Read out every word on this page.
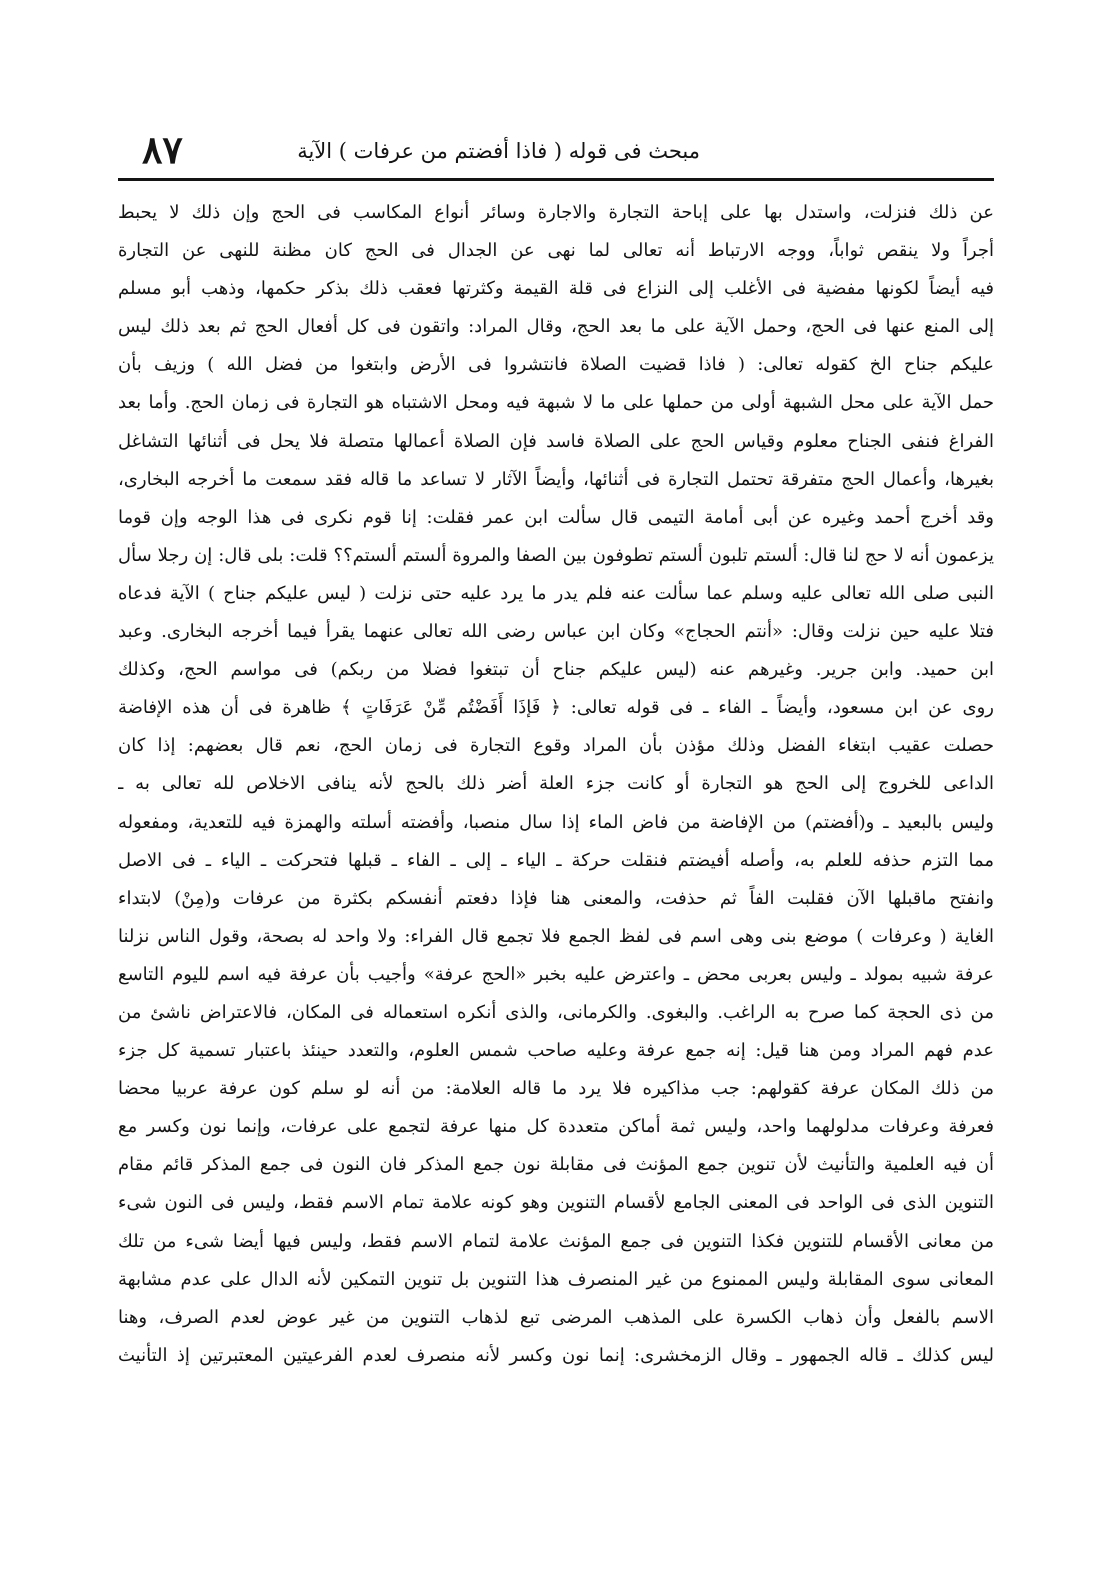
٨٧	مبحث فى قوله ( فاذا أفضتم من عرفات ) الآية
عن ذلك فنزلت، واستدل بها على إباحة التجارة والاجارة وسائر أنواع المكاسب فى الحج وإن ذلك لا يحبط
أجراً ولا ينقص ثواباً، ووجه الارتباط أنه تعالى لما نهى عن الجدال فى الحج كان مظنة للنهى عن التجارة
فيه أيضاً لكونها مفضية فى الأغلب إلى النزاع فى قلة القيمة وكثرتها فعقب ذلك بذكر حكمها، وذهب أبو مسلم
إلى المنع عنها فى الحج، وحمل الآية على ما بعد الحج، وقال المراد: واتقون فى كل أفعال الحج ثم بعد ذلك ليس
عليكم جناح الخ كقوله تعالى: ( فاذا قضيت الصلاة فانتشروا فى الأرض وابتغوا من فضل الله ) وزيف بأن
حمل الآية على محل الشبهة أولى من حملها على ما لا شبهة فيه ومحل الاشتباه هو التجارة فى زمان الحج. وأما بعد
الفراغ فنفى الجناح معلوم وقياس الحج على الصلاة فاسد فإن الصلاة أعمالها متصلة فلا يحل فى أثنائها التشاغل
بغيرها، وأعمال الحج متفرقة تحتمل التجارة فى أثنائها، وأيضاً الآثار لا تساعد ما قاله فقد سمعت ما أخرجه البخارى،
وقد أخرج أحمد وغيره عن أبى أمامة التيمى قال سألت ابن عمر فقلت: إنا قوم نكرى فى هذا الوجه وإن قوما
يزعمون أنه لا حج لنا قال: ألستم تلبون ألستم تطوفون بين الصفا والمروة ألستم ألستم؟؟ قلت: بلى قال: إن رجلا سأل
النبى صلى الله تعالى عليه وسلم عما سألت عنه فلم يدر ما يرد عليه حتى نزلت ( ليس عليكم جناح ) الآية فدعاه
فتلا عليه حين نزلت وقال: «أنتم الحجاج» وكان ابن عباس رضى الله تعالى عنهما يقرأ فيما أخرجه البخارى. وعبد
ابن حميد. وابن جرير. وغيرهم عنه (ليس عليكم جناح أن تبتغوا فضلا من ربكم) فى مواسم الحج، وكذلك
روى عن ابن مسعود، وأيضاً ـ الفاء ـ فى قوله تعالى: ﴿ فَإِذَا أَفَضْتُم مِّنْ عَرَفَاتٍ ﴾ ظاهرة فى أن هذه الإفاضة
حصلت عقيب ابتغاء الفضل وذلك مؤذن بأن المراد وقوع التجارة فى زمان الحج، نعم قال بعضهم: إذا كان
الداعى للخروج إلى الحج هو التجارة أو كانت جزء العلة أضر ذلك بالحج لأنه ينافى الاخلاص لله تعالى به ـ
وليس بالبعيد ـ و(أفضتم) من الإفاضة من فاض الماء إذا سال منصبا، وأفضته أسلته والهمزة فيه للتعدية، ومفعوله
مما التزم حذفه للعلم به، وأصله أفيضتم فنقلت حركة ـ الياء ـ إلى ـ الفاء ـ قبلها فتحركت ـ الياء ـ فى الاصل
وانفتح ماقبلها الآن فقلبت الفاً ثم حذفت، والمعنى هنا فإذا دفعتم أنفسكم بكثرة من عرفات و(مِنْ) لابتداء
الغاية ( وعرفات ) موضع بنى وهى اسم فى لفظ الجمع فلا تجمع قال الفراء: ولا واحد له بصحة، وقول الناس نزلنا
عرفة شبيه بمولد ـ وليس بعربى محض ـ واعترض عليه بخبر «الحج عرفة» وأجيب بأن عرفة فيه اسم لليوم التاسع
من ذى الحجة كما صرح به الراغب. والبغوى. والكرمانى، والذى أنكره استعماله فى المكان، فالاعتراض ناشئ من
عدم فهم المراد ومن هنا قيل: إنه جمع عرفة وعليه صاحب شمس العلوم، والتعدد حينئذ باعتبار تسمية كل جزء
من ذلك المكان عرفة كقولهم: جب مذاكيره فلا يرد ما قاله العلامة: من أنه لو سلم كون عرفة عربيا محضا
فعرفة وعرفات مدلولهما واحد، وليس ثمة أماكن متعددة كل منها عرفة لتجمع على عرفات، وإنما نون وكسر مع
أن فيه العلمية والتأنيث لأن تنوين جمع المؤنث فى مقابلة نون جمع المذكر فان النون فى جمع المذكر قائم مقام
التنوين الذى فى الواحد فى المعنى الجامع لأقسام التنوين وهو كونه علامة تمام الاسم فقط، وليس فى النون شىء
من معانى الأقسام للتنوين فكذا التنوين فى جمع المؤنث علامة لتمام الاسم فقط، وليس فيها أيضا شىء من تلك
المعانى سوى المقابلة وليس الممنوع من غير المنصرف هذا التنوين بل تنوين التمكين لأنه الدال على عدم مشابهة
الاسم بالفعل وأن ذهاب الكسرة على المذهب المرضى تبع لذهاب التنوين من غير عوض لعدم الصرف، وهنا
ليس كذلك ـ قاله الجمهور ـ وقال الزمخشرى: إنما نون وكسر لأنه منصرف لعدم الفرعيتين المعتبرتين إذ التأنيث
